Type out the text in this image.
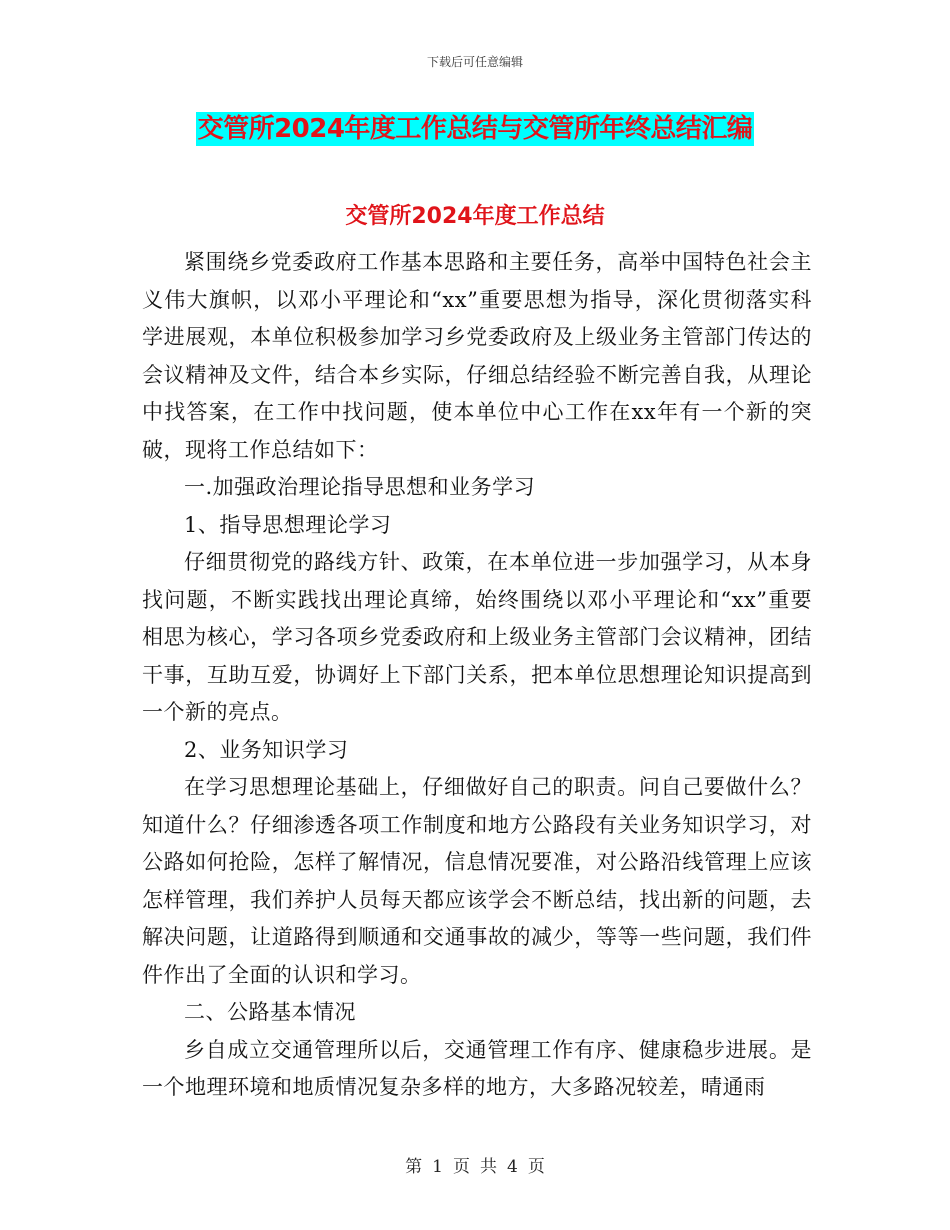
下载后可任意编辑
交管所2024年度工作总结与交管所年终总结汇编
交管所2024年度工作总结

紧围绕乡党委政府工作基本思路和主要任务，高举中国特色社会主义伟大旗帜，以邓小平理论和“xx”重要思想为指导，深化贯彻落实科学进展观，本单位积极参加学习乡党委政府及上级业务主管部门传达的会议精神及文件，结合本乡实际，仔细总结经验不断完善自我，从理论中找答案，在工作中找问题，使本单位中心工作在xx年有一个新的突破，现将工作总结如下：

一.加强政治理论指导思想和业务学习

1、指导思想理论学习

仔细贯彻党的路线方针、政策，在本单位进一步加强学习，从本身找问题，不断实践找出理论真缔，始终围绕以邓小平理论和“xx”重要相思为核心，学习各项乡党委政府和上级业务主管部门会议精神，团结干事，互助互爱，协调好上下部门关系，把本单位思想理论知识提高到一个新的亮点。

2、业务知识学习

在学习思想理论基础上，仔细做好自己的职责。问自己要做什么？知道什么？仔细渗透各项工作制度和地方公路段有关业务知识学习，对公路如何抢险，怎样了解情况，信息情况要准，对公路沿线管理上应该怎样管理，我们养护人员每天都应该学会不断总结，找出新的问题，去解决问题，让道路得到顺通和交通事故的减少，等等一些问题，我们件件作出了全面的认识和学习。

二、公路基本情况

乡自成立交通管理所以后，交通管理工作有序、健康稳步进展。是一个地理环境和地质情况复杂多样的地方，大多路况较差，晴通雨

第 1 页 共 4 页
